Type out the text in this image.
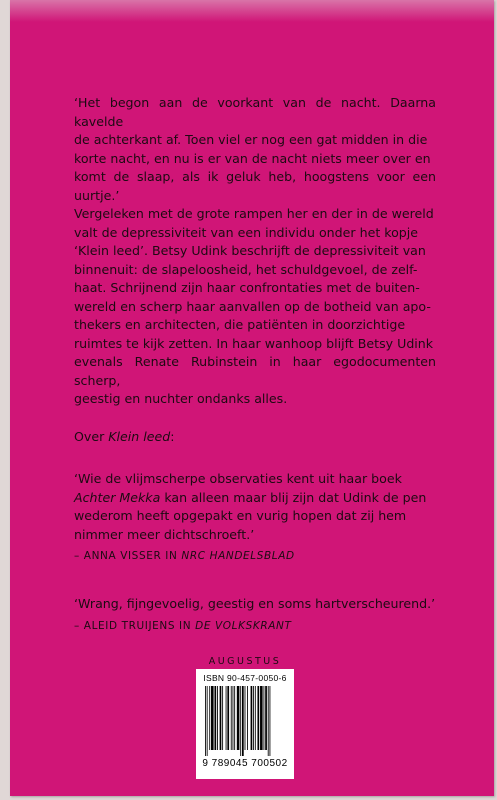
‘Het begon aan de voorkant van de nacht. Daarna kavelde

de achterkant af. Toen viel er nog een gat midden in die

korte nacht, en nu is er van de nacht niets meer over en

komt de slaap, als ik geluk heb, hoogstens voor een uurtje.’

Vergeleken met de grote rampen her en der in de wereld

valt de depressiviteit van een individu onder het kopje

‘Klein leed’. Betsy Udink beschrijft de depressiviteit van

binnenuit: de slapeloosheid, het schuldgevoel, de zelf-

haat. Schrijnend zijn haar confrontaties met de buiten-

wereld en scherp haar aanvallen op de botheid van apo-

thekers en architecten, die patiënten in doorzichtige

ruimtes te kijk zetten. In haar wanhoop blijft Betsy Udink

evenals Renate Rubinstein in haar egodocumenten scherp,

geestig en nuchter ondanks alles.

Over Klein leed:
‘Wie de vlijmscherpe observaties kent uit haar boek
Achter Mekka kan alleen maar blij zijn dat Udink de pen
wederom heeft opgepakt en vurig hopen dat zij hem
nimmer meer dichtschroeft.’
– ANNA VISSER IN NRC HANDELSBLAD
‘Wrang, fijngevoelig, geestig en soms hartverscheurend.’
– ALEID TRUIJENS IN DE VOLKSKRANT
AUGUSTUS
ISBN 90-457-0050-6
9 789045 700502
